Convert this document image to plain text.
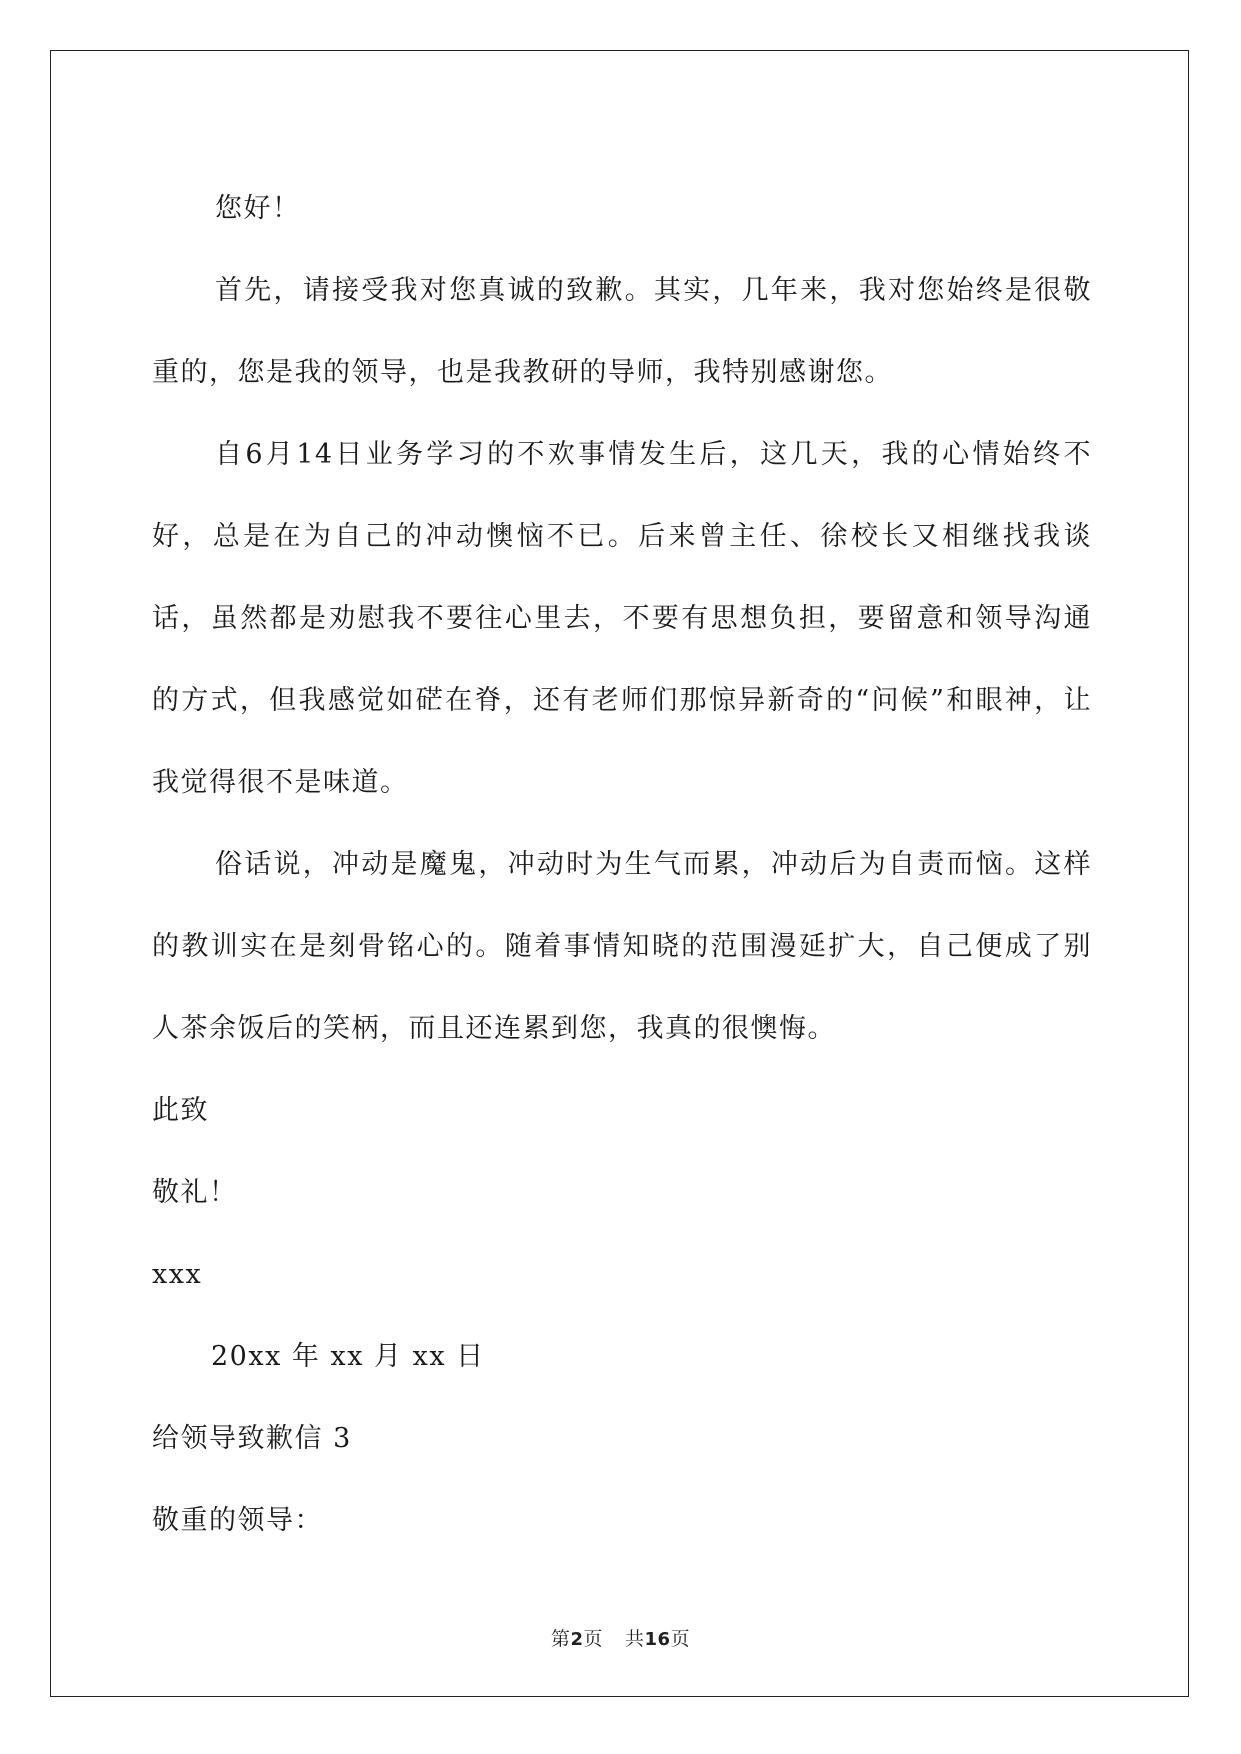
您好！

首先，请接受我对您真诚的致歉。其实，几年来，我对您始终是很敬重的，您是我的领导，也是我教研的导师，我特别感谢您。

自6月14日业务学习的不欢事情发生后，这几天，我的心情始终不好，总是在为自己的冲动懊恼不已。后来曾主任、徐校长又相继找我谈话，虽然都是劝慰我不要往心里去，不要有思想负担，要留意和领导沟通的方式，但我感觉如硭在脊，还有老师们那惊异新奇的“问候”和眼神，让我觉得很不是味道。

俗话说，冲动是魔鬼，冲动时为生气而累，冲动后为自责而恼。这样的教训实在是刻骨铭心的。随着事情知晓的范围漫延扩大，自己便成了别人茶余饭后的笑柄，而且还连累到您，我真的很懊悔。

此致

敬礼！

xxx

20xx 年 xx 月 xx 日

给领导致歉信 3

敬重的领导：

第2页 共16页
